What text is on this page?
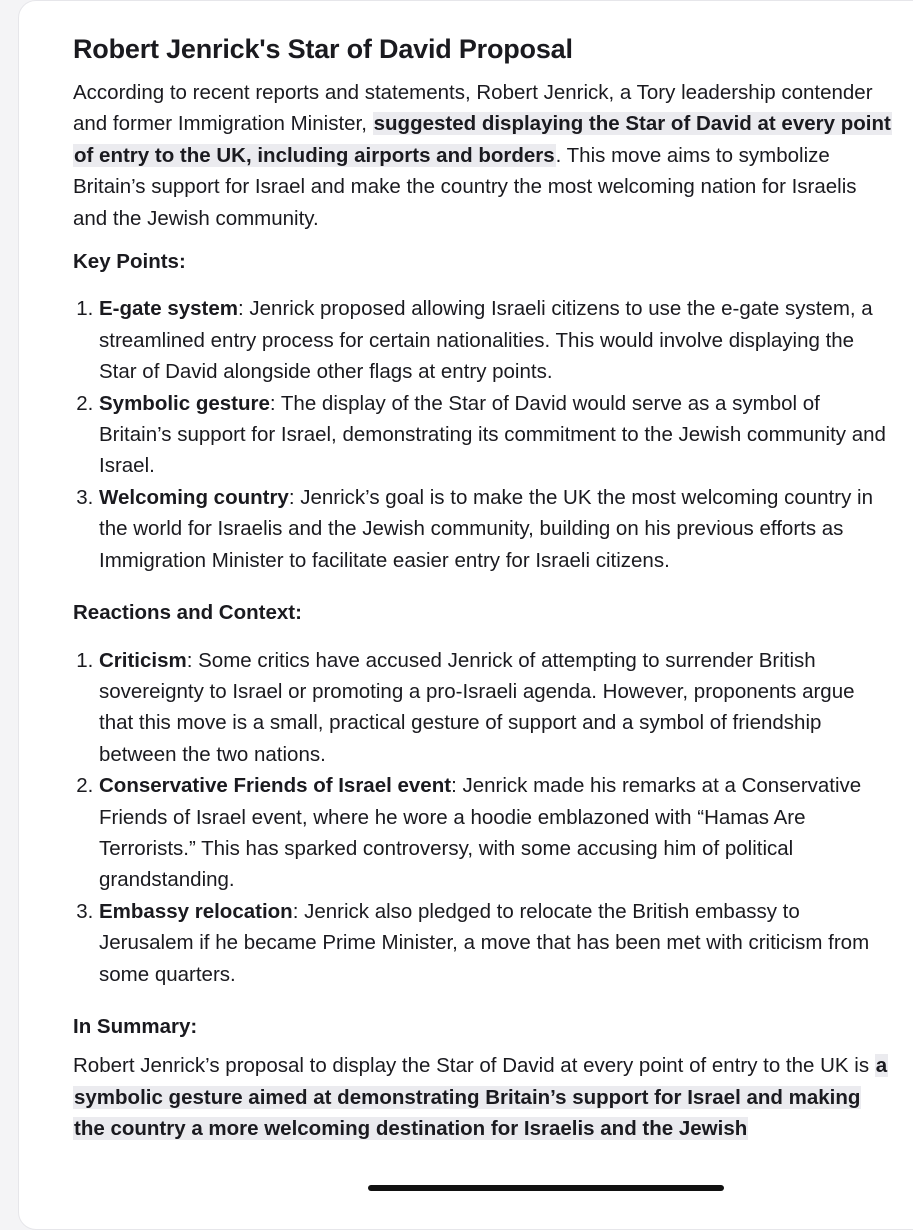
Robert Jenrick's Star of David Proposal

According to recent reports and statements, Robert Jenrick, a Tory leadership contender and former Immigration Minister, suggested displaying the Star of David at every point of entry to the UK, including airports and borders. This move aims to symbolize Britain’s support for Israel and make the country the most welcoming nation for Israelis and the Jewish community.

Key Points:
1. E-gate system: Jenrick proposed allowing Israeli citizens to use the e-gate system, a streamlined entry process for certain nationalities. This would involve displaying the Star of David alongside other flags at entry points.
2. Symbolic gesture: The display of the Star of David would serve as a symbol of Britain’s support for Israel, demonstrating its commitment to the Jewish community and Israel.
3. Welcoming country: Jenrick’s goal is to make the UK the most welcoming country in the world for Israelis and the Jewish community, building on his previous efforts as Immigration Minister to facilitate easier entry for Israeli citizens.
Reactions and Context:
1. Criticism: Some critics have accused Jenrick of attempting to surrender British sovereignty to Israel or promoting a pro-Israeli agenda. However, proponents argue that this move is a small, practical gesture of support and a symbol of friendship between the two nations.
2. Conservative Friends of Israel event: Jenrick made his remarks at a Conservative Friends of Israel event, where he wore a hoodie emblazoned with “Hamas Are Terrorists.” This has sparked controversy, with some accusing him of political grandstanding.
3. Embassy relocation: Jenrick also pledged to relocate the British embassy to Jerusalem if he became Prime Minister, a move that has been met with criticism from some quarters.
In Summary:

Robert Jenrick’s proposal to display the Star of David at every point of entry to the UK is a symbolic gesture aimed at demonstrating Britain’s support for Israel and making the country a more welcoming destination for Israelis and the Jewish
